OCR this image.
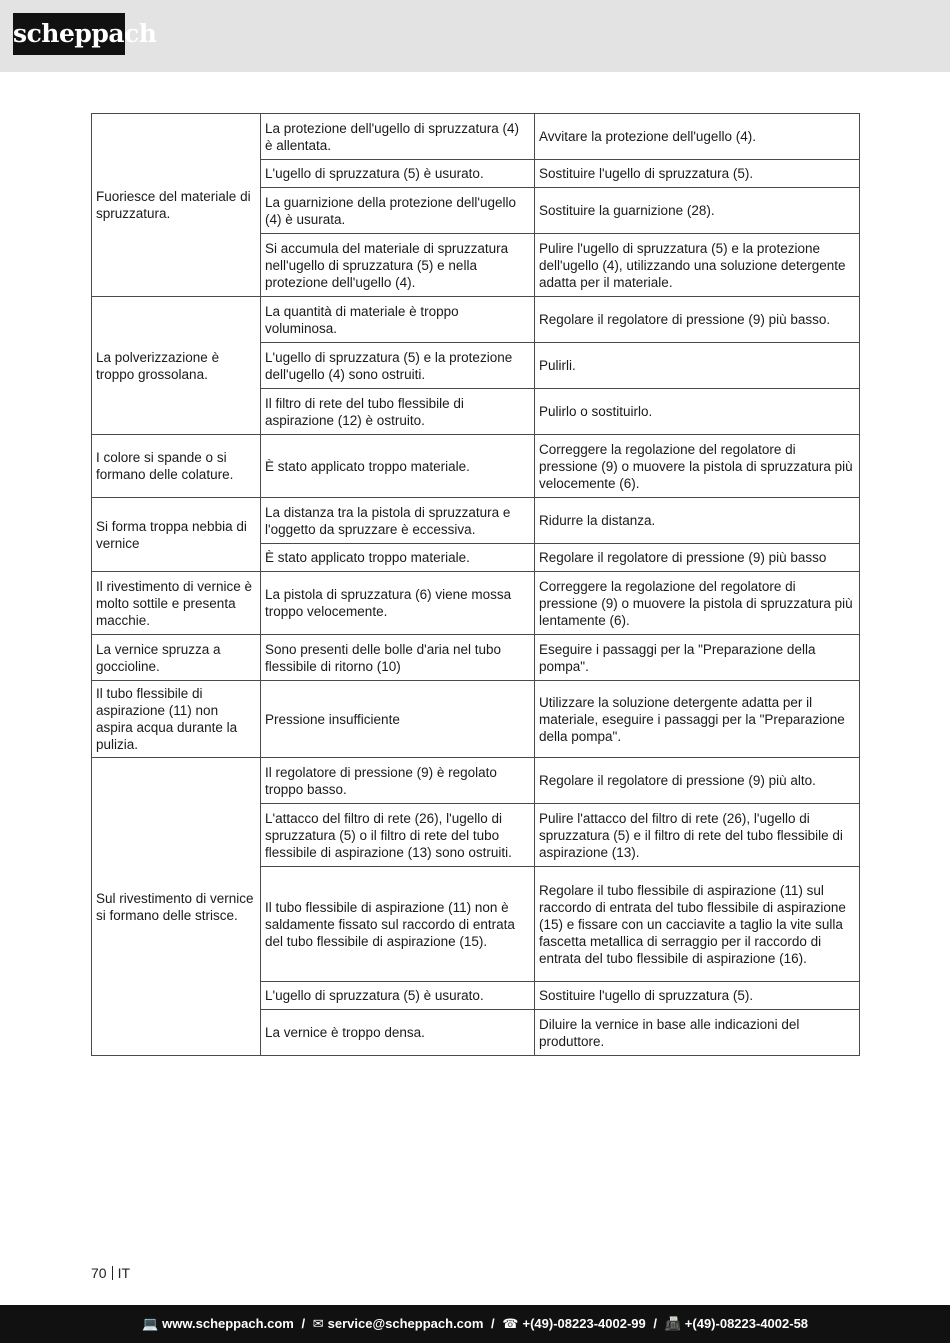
scheppach
Fuoriesce del materiale di spruzzatura.	La protezione dell'ugello di spruzzatura (4) è allentata.	Avvitare la protezione dell'ugello (4).
	L'ugello di spruzzatura (5) è usurato.	Sostituire l'ugello di spruzzatura (5).
	La guarnizione della protezione dell'ugello (4) è usurata.	Sostituire la guarnizione (28).
	Si accumula del materiale di spruzzatura nell'ugello di spruzzatura (5) e nella protezione dell'ugello (4).	Pulire l'ugello di spruzzatura (5) e la protezione dell'ugello (4), utilizzando una soluzione detergente adatta per il materiale.
La polverizzazione è troppo grossolana.	La quantità di materiale è troppo voluminosa.	Regolare il regolatore di pressione (9) più basso.
	L'ugello di spruzzatura (5) e la protezione dell'ugello (4) sono ostruiti.	Pulirli.
	Il filtro di rete del tubo flessibile di aspirazione (12) è ostruito.	Pulirlo o sostituirlo.
I colore si spande o si formano delle colature.	È stato applicato troppo materiale.	Correggere la regolazione del regolatore di pressione (9) o muovere la pistola di spruzzatura più velocemente (6).
Si forma troppa nebbia di vernice	La distanza tra la pistola di spruzzatura e l'oggetto da spruzzare è eccessiva.	Ridurre la distanza.
	È stato applicato troppo materiale.	Regolare il regolatore di pressione (9) più basso
Il rivestimento di vernice è molto sottile e presenta macchie.	La pistola di spruzzatura (6) viene mossa troppo velocemente.	Correggere la regolazione del regolatore di pressione (9) o muovere la pistola di spruzzatura più lentamente (6).
La vernice spruzza a goccioline.	Sono presenti delle bolle d'aria nel tubo flessibile di ritorno (10)	Eseguire i passaggi per la "Preparazione della pompa".
Il tubo flessibile di aspirazione (11) non aspira acqua durante la pulizia.	Pressione insufficiente	Utilizzare la soluzione detergente adatta per il materiale, eseguire i passaggi per la "Preparazione della pompa".
Sul rivestimento di vernice si formano delle strisce.	Il regolatore di pressione (9) è regolato troppo basso.	Regolare il regolatore di pressione (9) più alto.
	L'attacco del filtro di rete (26), l'ugello di spruzzatura (5) o il filtro di rete del tubo flessibile di aspirazione (13) sono ostruiti.	Pulire l'attacco del filtro di rete (26), l'ugello di spruzzatura (5) e il filtro di rete del tubo flessibile di aspirazione (13).
	Il tubo flessibile di aspirazione (11) non è saldamente fissato sul raccordo di entrata del tubo flessibile di aspirazione (15).	Regolare il tubo flessibile di aspirazione (11) sul raccordo di entrata del tubo flessibile di aspirazione (15) e fissare con un cacciavite a taglio la vite sulla fascetta metallica di serraggio per il raccordo di entrata del tubo flessibile di aspirazione (16).
	L'ugello di spruzzatura (5) è usurato.	Sostituire l'ugello di spruzzatura (5).
	La vernice è troppo densa.	Diluire la vernice in base alle indicazioni del produttore.
70 IT
💻 www.scheppach.com / ✉ service@scheppach.com / ☎ +(49)-08223-4002-99 / 📠 +(49)-08223-4002-58
